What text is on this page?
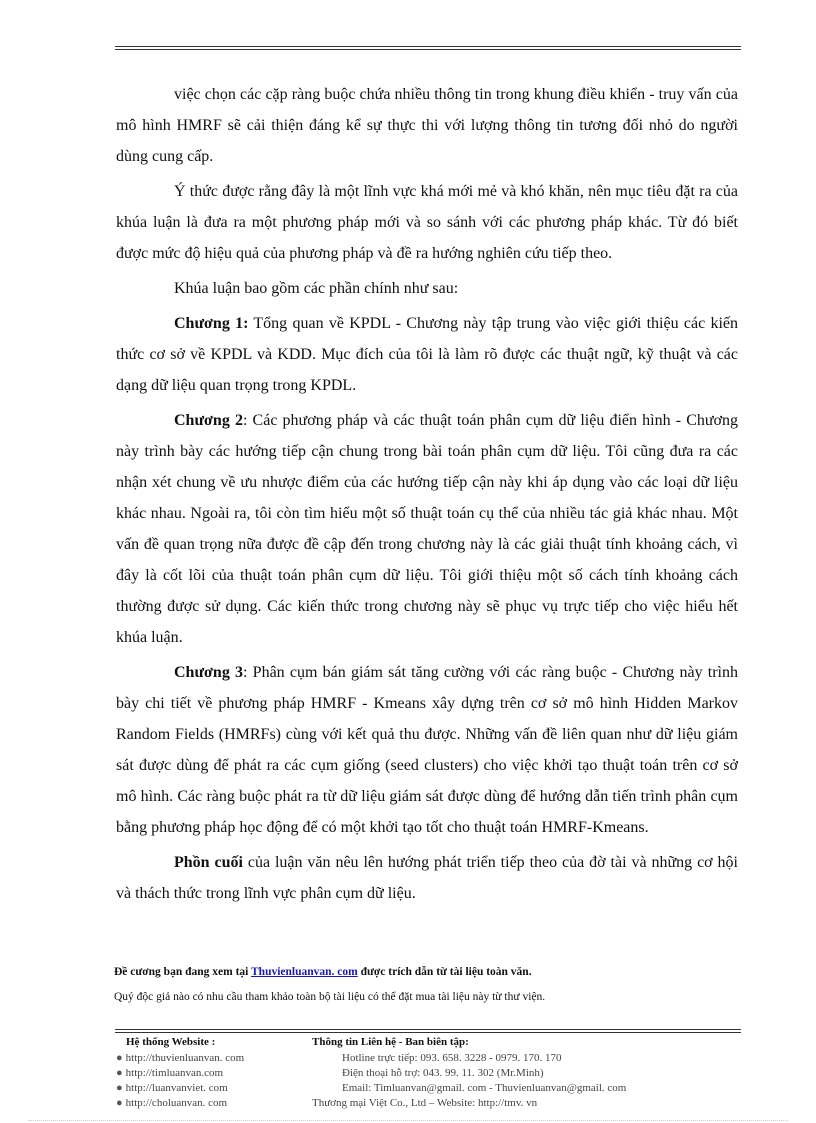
việc chọn các cặp ràng buộc chứa nhiều thông tin trong khung điều khiển - truy vấn của mô hình HMRF sẽ cải thiện đáng kể sự thực thi với lượng thông tin tương đối nhỏ do người dùng cung cấp.

Ý thức được rằng đây là một lĩnh vực khá mới mẻ và khó khăn, nên mục tiêu đặt ra của khúa luận là đưa ra một phương pháp mới và so sánh với các phương pháp khác. Từ đó biết được mức độ hiệu quả của phương pháp và đề ra hướng nghiên cứu tiếp theo.

Khúa luận bao gồm các phần chính như sau:

Chương 1: Tổng quan về KPDL - Chương này tập trung vào việc giới thiệu các kiến thức cơ sở về KPDL và KDD. Mục đích của tôi là làm rõ được các thuật ngữ, kỹ thuật và các dạng dữ liệu quan trọng trong KPDL.

Chương 2: Các phương pháp và các thuật toán phân cụm dữ liệu điển hình - Chương này trình bày các hướng tiếp cận chung trong bài toán phân cụm dữ liệu. Tôi cũng đưa ra các nhận xét chung về ưu nhược điểm của các hướng tiếp cận này khi áp dụng vào các loại dữ liệu khác nhau. Ngoài ra, tôi còn tìm hiểu một số thuật toán cụ thể của nhiều tác giả khác nhau. Một vấn đề quan trọng nữa được đề cập đến trong chương này là các giải thuật tính khoảng cách, vì đây là cốt lõi của thuật toán phân cụm dữ liệu. Tôi giới thiệu một số cách tính khoảng cách thường được sử dụng. Các kiến thức trong chương này sẽ phục vụ trực tiếp cho việc hiểu hết khúa luận.

Chương 3: Phân cụm bán giám sát tăng cường với các ràng buộc - Chương này trình bày chi tiết về phương pháp HMRF - Kmeans xây dựng trên cơ sở mô hình Hidden Markov Random Fields (HMRFs) cùng với kết quả thu được. Những vấn đề liên quan như dữ liệu giám sát được dùng để phát ra các cụm giống (seed clusters) cho việc khởi tạo thuật toán trên cơ sở mô hình. Các ràng buộc phát ra từ dữ liệu giám sát được dùng để hướng dẫn tiến trình phân cụm bằng phương pháp học động để có một khởi tạo tốt cho thuật toán HMRF-Kmeans.

Phồn cuối của luận văn nêu lên hướng phát triển tiếp theo của đờ tài và những cơ hội và thách thức trong lĩnh vực phân cụm dữ liệu.

Đề cương bạn đang xem tại Thuvienluanvan. com được trích dẫn từ tài liệu toàn văn.
Quý độc giả nào có nhu cầu tham khảo toàn bộ tài liệu có thể đặt mua tài liệu này từ thư viện.
Hệ thống Website :
● http://thuvienluanvan. com
● http://timluanvan.com
● http://luanvanviet. com
● http://choluanvan. com
Thông tin Liên hệ - Ban biên tập:
Hotline trực tiếp: 093. 658. 3228 - 0979. 170. 170
Điện thoại hỗ trợ: 043. 99. 11. 302 (Mr.Minh)
Email: Timluanvan@gmail. com - Thuvienluanvan@gmail. com
Thương mại Việt Co., Ltd – Website: http://tmv. vn
